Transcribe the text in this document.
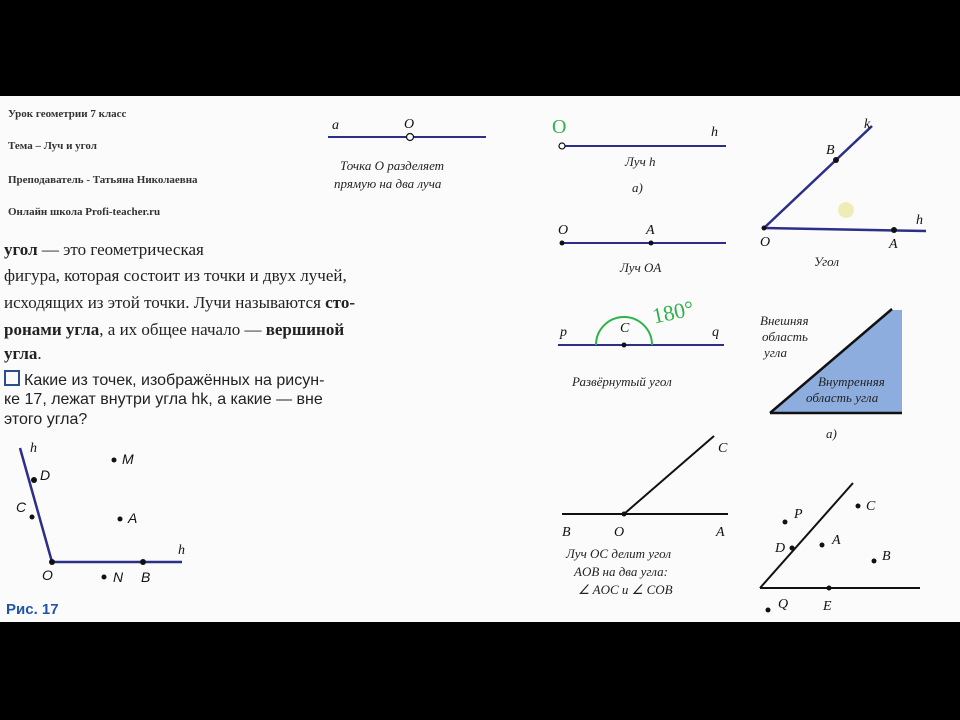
Урок геометрии 7 класс
Тема – Луч и угол
Преподаватель - Татьяна Николаевна
Онлайн школа Profi-teacher.ru
угол — это геометрическая
фигура, которая состоит из точки и двух лучей,
исходящих из этой точки. Лучи называются сто-
ронами угла, а их общее начало — вершиной
угла.
Какие из точек, изображённых на рисун-
ке 17, лежат внутри угла hk, а какие — вне
этого угла?
Рис. 17
h
D
M
C
A
O	N B
h
a	O
Точка О разделяет
прямую на два луча
O	h
Луч h
а)
O	A
Луч OA
p	C	q
180°
Развёрнутый угол
k
B
O	A
h
Угол
Внешняя
область
угла
Внутренняя
область угла
а)
C
B	O	A
Луч OC делит угол
AOB на два угла:
∠ AOC и ∠ COB
C
P
D
A
B
Q E
